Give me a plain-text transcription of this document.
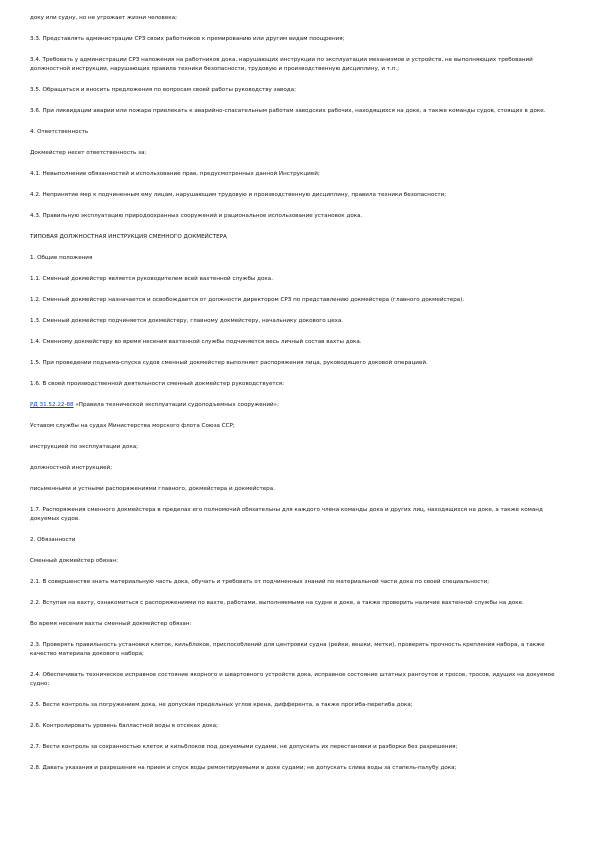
доку или судну, но не угрожает жизни человека;

3.3. Представлять администрации СРЗ своих работников к премированию или другим видам поощрения;

3.4. Требовать у администрации СРЗ наложения на работников дока, нарушающих инструкции по эксплуатации механизмов и устройств, не выполняющих требований должностной инструкции, нарушающих правила техники безопасности, трудовую и производственную дисциплину, и т.п.;

3.5. Обращаться и вносить предложения по вопросам своей работы руководству завода;

3.6. При ликвидации аварии или пожара привлекать к аварийно-спасательным работам заводских рабочих, находящихся на доке, а также команды судов, стоящих в доке.

4. Ответственность

Докмейстер несет ответственность за:

4.1. Невыполнение обязанностей и использование прав, предусмотренных данной Инструкцией;

4.2. Непринятие мер к подчиненным ему лицам, нарушающим трудовую и производственную дисциплину, правила техники безопасности;

4.3. Правильную эксплуатацию природоохранных сооружений и рациональное использование установок дока.

ТИПОВАЯ ДОЛЖНОСТНАЯ ИНСТРУКЦИЯ СМЕННОГО ДОКМЕЙСТЕРА

1. Общие положения

1.1. Сменный докмейстер является руководителем всей вахтенной службы дока.

1.2. Сменный докмейстер назначается и освобождается от должности директором СРЗ по представлению докмейстера (главного докмейстера).

1.3. Сменный докмейстер подчиняется докмейстеру, главному докмейстеру, начальнику докового цеха.

1.4. Сменному докмейстеру во время несения вахтенной службы подчиняется весь личный состав вахты дока.

1.5. При проведении подъема-спуска судов сменный докмейстер выполняет распоряжения лица, руководящего доковой операцией.

1.6. В своей производственной деятельности сменный докмейстер руководствуется:

РД 31.52.22-88 «Правила технической эксплуатации судоподъемных сооружений»;

Уставом службы на судах Министерства морского флота Союза ССР;

инструкцией по эксплуатации дока;

должностной инструкцией;

письменными и устными распоряжениями главного, докмейстера и докмейстера.

1.7. Распоряжения сменного докмейстера в пределах его полномочий обязательны для каждого члена команды дока и других лиц, находящихся на доке, а также команд докуемых судов.

2. Обязанности

Сменный докмейстер обязан:

2.1. В совершенстве знать материальную часть дока, обучать и требовать от подчиненных знаний по материальной части дока по своей специальности;

2.2. Вступая на вахту, ознакомиться с распоряжениями по вахте, работами, выполняемыми на судне в доке, а также проверить наличие вахтенной службы на доке.

Во время несения вахты сменный докмейстер обязан:

2.3. Проверять правильность установки клеток, кильблоков, приспособлений для центровки судна (рейки, вешки, метки), проверять прочность крепления набора, а также качество материала докового набора;

2.4. Обеспечивать техническое исправное состояние якорного и швартовного устройств дока, исправное состояние штатных рангоутов и тросов, тросов, идущих на докуемое судно;

2.5. Вести контроль за погружением дока, не допуская предельных углов крена, дифферента, а также прогиба-перегиба дока;

2.6. Контролировать уровень балластной воды в отсеках дока;

2.7. Вести контроль за сохранностью клеток и кильблоков под докуемыми судами, не допускать их перестановки и разборки без разрешения;

2.8. Давать указания и разрешения на прием и спуск воды ремонтируемыми в доке судами; не допускать слива воды за стапель-палубу дока;
